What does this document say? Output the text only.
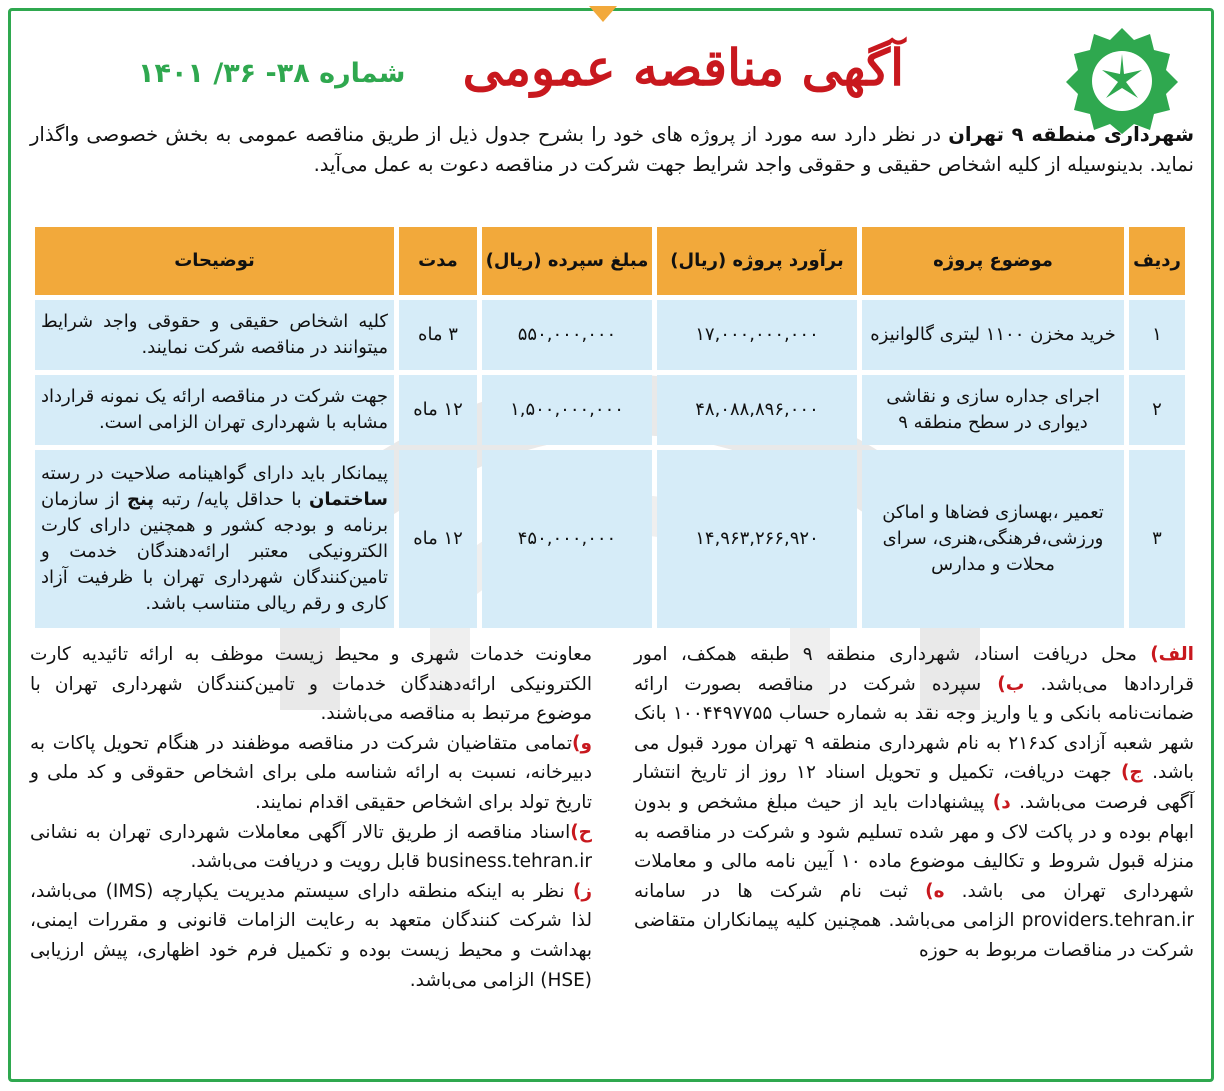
آگهی مناقصه عمومی
شماره ۳۸- ۳۶/ ۱۴۰۱
شهرداری منطقه ۹ تهران در نظر دارد سه مورد از پروژه های خود را بشرح جدول ذیل از طریق مناقصه عمومی به بخش خصوصی واگذار نماید. بدینوسیله از کلیه اشخاص حقیقی و حقوقی واجد شرایط جهت شرکت در مناقصه دعوت به عمل می‌آید.
ردیف	موضوع پروژه	برآورد پروژه (ریال)	مبلغ سپرده (ریال)	مدت	توضیحات
۱	خرید مخزن ۱۱۰۰ لیتری گالوانیزه	۱۷,۰۰۰,۰۰۰,۰۰۰	۵۵۰,۰۰۰,۰۰۰	۳ ماه	کلیه اشخاص حقیقی و حقوقی واجد شرایط میتوانند در مناقصه شرکت نمایند.
۲	اجرای جداره سازی و نقاشی دیواری در سطح منطقه ۹	۴۸,۰۸۸,۸۹۶,۰۰۰	۱,۵۰۰,۰۰۰,۰۰۰	۱۲ ماه	جهت شرکت در مناقصه ارائه یک نمونه قرارداد مشابه با شهرداری تهران الزامی است.
۳	تعمیر ،بهسازی فضاها و اماکن ورزشی،فرهنگی،هنری، سرای محلات و مدارس	۱۴,۹۶۳,۲۶۶,۹۲۰	۴۵۰,۰۰۰,۰۰۰	۱۲ ماه	پیمانکار باید دارای گواهینامه صلاحیت در رسته ساختمان با حداقل پایه/ رتبه پنج از سازمان برنامه و بودجه کشور و همچنین دارای کارت الکترونیکی معتبر ارائه‌دهندگان خدمت و تامین‌کنندگان شهرداری تهران با ظرفیت آزاد کاری و رقم ریالی متناسب باشد.
الف) محل دریافت اسناد، شهرداری منطقه ۹ طبقه همکف، امور قراردادها می‌باشد. ب) سپرده شرکت در مناقصه بصورت ارائه ضمانت‌نامه بانکی و یا واریز وجه نقد به شماره حساب ۱۰۰۴۴۹۷۷۵۵ بانک شهر شعبه آزادی کد۲۱۶ به نام شهرداری منطقه ۹ تهران مورد قبول می باشد. ج) جهت دریافت، تکمیل و تحویل اسناد ۱۲ روز از تاریخ انتشار آگهی فرصت می‌باشد. د) پیشنهادات باید از حیث مبلغ مشخص و بدون ابهام بوده و در پاکت لاک و مهر شده تسلیم شود و شرکت در مناقصه به منزله قبول شروط و تکالیف موضوع ماده ۱۰ آیین نامه مالی و معاملات شهرداری تهران می باشد. ه) ثبت نام شرکت ها در سامانه providers.tehran.ir الزامی می‌باشد. همچنین کلیه پیمانکاران متقاضی شرکت در مناقصات مربوط به حوزه
معاونت خدمات شهری و محیط زیست موظف به ارائه تائیدیه کارت الکترونیکی ارائه‌دهندگان خدمات و تامین‌کنندگان شهرداری تهران با موضوع مرتبط به مناقصه می‌باشند.
و)تمامی متقاضیان شرکت در مناقصه موظفند در هنگام تحویل پاکات به دبیرخانه، نسبت به ارائه شناسه ملی برای اشخاص حقوقی و کد ملی و تاریخ تولد برای اشخاص حقیقی اقدام نمایند.
ح)اسناد مناقصه از طریق تالار آگهی معاملات شهرداری تهران به نشانی business.tehran.ir قابل رویت و دریافت می‌باشد.
ز) نظر به اینکه منطقه دارای سیستم مدیریت یکپارچه (IMS) می‌باشد، لذا شرکت کنندگان متعهد به رعایت الزامات قانونی و مقررات ایمنی، بهداشت و محیط زیست بوده و تکمیل فرم خود اظهاری، پیش ارزیابی (HSE) الزامی می‌باشد.
